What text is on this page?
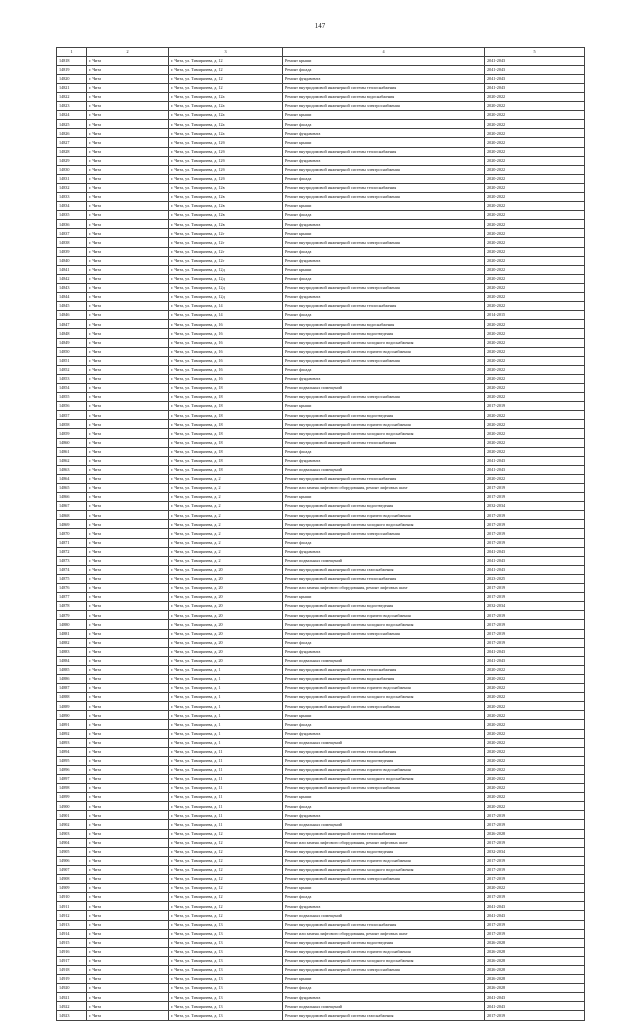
147
1	2	3	4	5
14818	г. Чита	г. Чита, ул. Тимирязева, д. 12	Ремонт крыши	2041-2043
14819	г. Чита	г. Чита, ул. Тимирязева, д. 12	Ремонт фасада	2041-2043
14820	г. Чита	г. Чита, ул. Тимирязева, д. 12	Ремонт фундамента	2041-2043
14821	г. Чита	г. Чита, ул. Тимирязева, д. 12	Ремонт внутридомовой инженерной системы теплоснабжения	2041-2043
14822	г. Чита	г. Чита, ул. Тимирязева, д. 12а	Ремонт внутридомовой инженерной системы водоснабжения	2020-2022
14823	г. Чита	г. Чита, ул. Тимирязева, д. 12а	Ремонт внутридомовой инженерной системы электроснабжения	2020-2022
14824	г. Чита	г. Чита, ул. Тимирязева, д. 12а	Ремонт крыши	2020-2022
14825	г. Чита	г. Чита, ул. Тимирязева, д. 12а	Ремонт фасада	2020-2022
14826	г. Чита	г. Чита, ул. Тимирязева, д. 12а	Ремонт фундамента	2020-2022
14827	г. Чита	г. Чита, ул. Тимирязева, д. 12б	Ремонт крыши	2020-2022
14828	г. Чита	г. Чита, ул. Тимирязева, д. 12б	Ремонт внутридомовой инженерной системы теплоснабжения	2020-2022
14829	г. Чита	г. Чита, ул. Тимирязева, д. 12б	Ремонт фундамента	2020-2022
14830	г. Чита	г. Чита, ул. Тимирязева, д. 12б	Ремонт внутридомовой инженерной системы электроснабжения	2020-2022
14831	г. Чита	г. Чита, ул. Тимирязева, д. 12б	Ремонт фасада	2020-2022
14832	г. Чита	г. Чита, ул. Тимирязева, д. 12в	Ремонт внутридомовой инженерной системы теплоснабжения	2020-2022
14833	г. Чита	г. Чита, ул. Тимирязева, д. 12в	Ремонт внутридомовой инженерной системы электроснабжения	2020-2022
14834	г. Чита	г. Чита, ул. Тимирязева, д. 12в	Ремонт крыши	2020-2022
14835	г. Чита	г. Чита, ул. Тимирязева, д. 12в	Ремонт фасада	2020-2022
14836	г. Чита	г. Чита, ул. Тимирязева, д. 12в	Ремонт фундамента	2020-2022
14837	г. Чита	г. Чита, ул. Тимирязева, д. 12г	Ремонт крыши	2020-2022
14838	г. Чита	г. Чита, ул. Тимирязева, д. 12г	Ремонт внутридомовой инженерной системы электроснабжения	2020-2022
14839	г. Чита	г. Чита, ул. Тимирязева, д. 12г	Ремонт фасада	2020-2022
14840	г. Чита	г. Чита, ул. Тимирязева, д. 12г	Ремонт фундамента	2020-2022
14841	г. Чита	г. Чита, ул. Тимирязева, д. 12д	Ремонт крыши	2020-2022
14842	г. Чита	г. Чита, ул. Тимирязева, д. 12д	Ремонт фасада	2020-2022
14843	г. Чита	г. Чита, ул. Тимирязева, д. 12д	Ремонт внутридомовой инженерной системы электроснабжения	2020-2022
14844	г. Чита	г. Чита, ул. Тимирязева, д. 12д	Ремонт фундамента	2020-2022
14845	г. Чита	г. Чита, ул. Тимирязева, д. 14	Ремонт внутридомовой инженерной системы теплоснабжения	2020-2022
14846	г. Чита	г. Чита, ул. Тимирязева, д. 14	Ремонт фасада	2014-2015
14847	г. Чита	г. Чита, ул. Тимирязева, д. 16	Ремонт внутридомовой инженерной системы водоснабжения	2020-2022
14848	г. Чита	г. Чита, ул. Тимирязева, д. 16	Ремонт внутридомовой инженерной системы водоотведения	2020-2022
14849	г. Чита	г. Чита, ул. Тимирязева, д. 16	Ремонт внутридомовой инженерной системы холодного водоснабжения	2020-2022
14850	г. Чита	г. Чита, ул. Тимирязева, д. 16	Ремонт внутридомовой инженерной системы горячего водоснабжения	2020-2022
14851	г. Чита	г. Чита, ул. Тимирязева, д. 16	Ремонт внутридомовой инженерной системы электроснабжения	2020-2022
14852	г. Чита	г. Чита, ул. Тимирязева, д. 16	Ремонт фасада	2020-2022
14853	г. Чита	г. Чита, ул. Тимирязева, д. 16	Ремонт фундамента	2020-2022
14854	г. Чита	г. Чита, ул. Тимирязева, д. 18	Ремонт подвальных помещений	2020-2022
14855	г. Чита	г. Чита, ул. Тимирязева, д. 18	Ремонт внутридомовой инженерной системы электроснабжения	2020-2022
14856	г. Чита	г. Чита, ул. Тимирязева, д. 18	Ремонт крыши	2017-2019
14857	г. Чита	г. Чита, ул. Тимирязева, д. 18	Ремонт внутридомовой инженерной системы водоотведения	2020-2022
14858	г. Чита	г. Чита, ул. Тимирязева, д. 18	Ремонт внутридомовой инженерной системы горячего водоснабжения	2020-2022
14859	г. Чита	г. Чита, ул. Тимирязева, д. 18	Ремонт внутридомовой инженерной системы холодного водоснабжения	2020-2022
14860	г. Чита	г. Чита, ул. Тимирязева, д. 18	Ремонт внутридомовой инженерной системы теплоснабжения	2020-2022
14861	г. Чита	г. Чита, ул. Тимирязева, д. 18	Ремонт фасада	2020-2022
14862	г. Чита	г. Чита, ул. Тимирязева, д. 18	Ремонт фундамента	2041-2043
14863	г. Чита	г. Чита, ул. Тимирязева, д. 18	Ремонт подвальных помещений	2041-2043
14864	г. Чита	г. Чита, ул. Тимирязева, д. 2	Ремонт внутридомовой инженерной системы теплоснабжения	2020-2022
14865	г. Чита	г. Чита, ул. Тимирязева, д. 2	Ремонт или замена лифтового оборудования, ремонт лифтовых шахт	2017-2019
14866	г. Чита	г. Чита, ул. Тимирязева, д. 2	Ремонт крыши	2017-2019
14867	г. Чита	г. Чита, ул. Тимирязева, д. 2	Ремонт внутридомовой инженерной системы водоотведения	2032-2034
14868	г. Чита	г. Чита, ул. Тимирязева, д. 2	Ремонт внутридомовой инженерной системы горячего водоснабжения	2017-2019
14869	г. Чита	г. Чита, ул. Тимирязева, д. 2	Ремонт внутридомовой инженерной системы холодного водоснабжения	2017-2019
14870	г. Чита	г. Чита, ул. Тимирязева, д. 2	Ремонт внутридомовой инженерной системы электроснабжения	2017-2019
14871	г. Чита	г. Чита, ул. Тимирязева, д. 2	Ремонт фасада	2017-2019
14872	г. Чита	г. Чита, ул. Тимирязева, д. 2	Ремонт фундамента	2041-2043
14873	г. Чита	г. Чита, ул. Тимирязева, д. 2	Ремонт подвальных помещений	2041-2043
14874	г. Чита	г. Чита, ул. Тимирязева, д. 20	Ремонт внутридомовой инженерной системы газоснабжения	2041-2043
14875	г. Чита	г. Чита, ул. Тимирязева, д. 20	Ремонт внутридомовой инженерной системы теплоснабжения	2023-2025
14876	г. Чита	г. Чита, ул. Тимирязева, д. 20	Ремонт или замена лифтового оборудования, ремонт лифтовых шахт	2017-2019
14877	г. Чита	г. Чита, ул. Тимирязева, д. 20	Ремонт крыши	2017-2019
14878	г. Чита	г. Чита, ул. Тимирязева, д. 20	Ремонт внутридомовой инженерной системы водоотведения	2032-2034
14879	г. Чита	г. Чита, ул. Тимирязева, д. 20	Ремонт внутридомовой инженерной системы горячего водоснабжения	2017-2019
14880	г. Чита	г. Чита, ул. Тимирязева, д. 20	Ремонт внутридомовой инженерной системы холодного водоснабжения	2017-2019
14881	г. Чита	г. Чита, ул. Тимирязева, д. 20	Ремонт внутридомовой инженерной системы электроснабжения	2017-2019
14882	г. Чита	г. Чита, ул. Тимирязева, д. 20	Ремонт фасада	2017-2019
14883	г. Чита	г. Чита, ул. Тимирязева, д. 20	Ремонт фундамента	2041-2043
14884	г. Чита	г. Чита, ул. Тимирязева, д. 20	Ремонт подвальных помещений	2041-2043
14885	г. Чита	г. Чита, ул. Тимирязева, д. 1	Ремонт внутридомовой инженерной системы теплоснабжения	2020-2022
14886	г. Чита	г. Чита, ул. Тимирязева, д. 1	Ремонт внутридомовой инженерной системы водоснабжения	2020-2022
14887	г. Чита	г. Чита, ул. Тимирязева, д. 1	Ремонт внутридомовой инженерной системы горячего водоснабжения	2020-2022
14888	г. Чита	г. Чита, ул. Тимирязева, д. 1	Ремонт внутридомовой инженерной системы холодного водоснабжения	2020-2022
14889	г. Чита	г. Чита, ул. Тимирязева, д. 1	Ремонт внутридомовой инженерной системы электроснабжения	2020-2022
14890	г. Чита	г. Чита, ул. Тимирязева, д. 1	Ремонт крыши	2020-2022
14891	г. Чита	г. Чита, ул. Тимирязева, д. 1	Ремонт фасада	2020-2022
14892	г. Чита	г. Чита, ул. Тимирязева, д. 1	Ремонт фундамента	2020-2022
14893	г. Чита	г. Чита, ул. Тимирязева, д. 1	Ремонт подвальных помещений	2020-2022
14894	г. Чита	г. Чита, ул. Тимирязева, д. 11	Ремонт внутридомовой инженерной системы теплоснабжения	2020-2022
14895	г. Чита	г. Чита, ул. Тимирязева, д. 11	Ремонт внутридомовой инженерной системы водоотведения	2020-2022
14896	г. Чита	г. Чита, ул. Тимирязева, д. 11	Ремонт внутридомовой инженерной системы горячего водоснабжения	2020-2022
14897	г. Чита	г. Чита, ул. Тимирязева, д. 11	Ремонт внутридомовой инженерной системы холодного водоснабжения	2020-2022
14898	г. Чита	г. Чита, ул. Тимирязева, д. 11	Ремонт внутридомовой инженерной системы электроснабжения	2020-2022
14899	г. Чита	г. Чита, ул. Тимирязева, д. 11	Ремонт крыши	2020-2022
14900	г. Чита	г. Чита, ул. Тимирязева, д. 11	Ремонт фасада	2020-2022
14901	г. Чита	г. Чита, ул. Тимирязева, д. 11	Ремонт фундамента	2017-2019
14902	г. Чита	г. Чита, ул. Тимирязева, д. 11	Ремонт подвальных помещений	2017-2019
14903	г. Чита	г. Чита, ул. Тимирязева, д. 12	Ремонт внутридомовой инженерной системы теплоснабжения	2026-2028
14904	г. Чита	г. Чита, ул. Тимирязева, д. 12	Ремонт или замена лифтового оборудования, ремонт лифтовых шахт	2017-2019
14905	г. Чита	г. Чита, ул. Тимирязева, д. 12	Ремонт внутридомовой инженерной системы водоотведения	2032-2034
14906	г. Чита	г. Чита, ул. Тимирязева, д. 12	Ремонт внутридомовой инженерной системы горячего водоснабжения	2017-2019
14907	г. Чита	г. Чита, ул. Тимирязева, д. 12	Ремонт внутридомовой инженерной системы холодного водоснабжения	2017-2019
14908	г. Чита	г. Чита, ул. Тимирязева, д. 12	Ремонт внутридомовой инженерной системы электроснабжения	2017-2019
14909	г. Чита	г. Чита, ул. Тимирязева, д. 12	Ремонт крыши	2020-2022
14910	г. Чита	г. Чита, ул. Тимирязева, д. 12	Ремонт фасада	2017-2019
14911	г. Чита	г. Чита, ул. Тимирязева, д. 12	Ремонт фундамента	2041-2043
14912	г. Чита	г. Чита, ул. Тимирязева, д. 12	Ремонт подвальных помещений	2041-2043
14913	г. Чита	г. Чита, ул. Тимирязева, д. 13	Ремонт внутридомовой инженерной системы теплоснабжения	2017-2019
14914	г. Чита	г. Чита, ул. Тимирязева, д. 13	Ремонт или замена лифтового оборудования, ремонт лифтовых шахт	2017-2019
14915	г. Чита	г. Чита, ул. Тимирязева, д. 13	Ремонт внутридомовой инженерной системы водоотведения	2026-2028
14916	г. Чита	г. Чита, ул. Тимирязева, д. 13	Ремонт внутридомовой инженерной системы горячего водоснабжения	2026-2028
14917	г. Чита	г. Чита, ул. Тимирязева, д. 13	Ремонт внутридомовой инженерной системы холодного водоснабжения	2026-2028
14918	г. Чита	г. Чита, ул. Тимирязева, д. 13	Ремонт внутридомовой инженерной системы электроснабжения	2026-2028
14919	г. Чита	г. Чита, ул. Тимирязева, д. 13	Ремонт крыши	2026-2028
14920	г. Чита	г. Чита, ул. Тимирязева, д. 13	Ремонт фасада	2026-2028
14921	г. Чита	г. Чита, ул. Тимирязева, д. 13	Ремонт фундамента	2041-2043
14922	г. Чита	г. Чита, ул. Тимирязева, д. 13	Ремонт подвальных помещений	2041-2043
14923	г. Чита	г. Чита, ул. Тимирязева, д. 13	Ремонт внутридомовой инженерной системы газоснабжения	2017-2019
